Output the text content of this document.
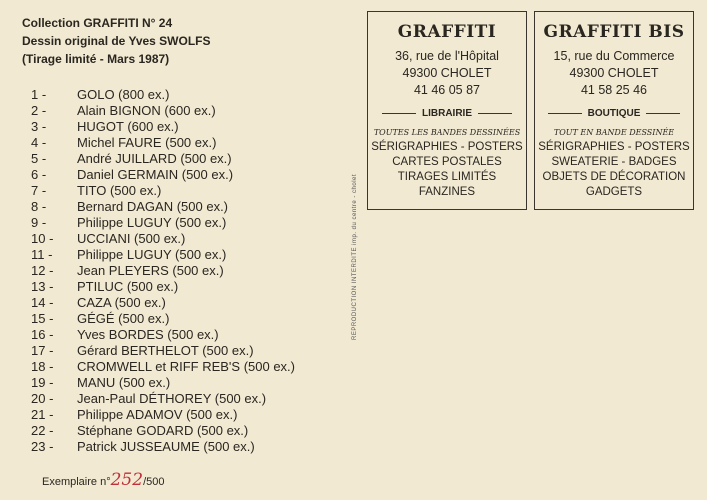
Collection GRAFFITI N° 24
Dessin original de Yves SWOLFS
(Tirage limité - Mars 1987)
1 - GOLO (800 ex.)
2 - Alain BIGNON (600 ex.)
3 - HUGOT (600 ex.)
4 - Michel FAURE (500 ex.)
5 - André JUILLARD (500 ex.)
6 - Daniel GERMAIN (500 ex.)
7 - TITO (500 ex.)
8 - Bernard DAGAN (500 ex.)
9 - Philippe LUGUY (500 ex.)
10 - UCCIANI (500 ex.)
11 - Philippe LUGUY (500 ex.)
12 - Jean PLEYERS (500 ex.)
13 - PTILUC (500 ex.)
14 - CAZA (500 ex.)
15 - GÉGÉ (500 ex.)
16 - Yves BORDES (500 ex.)
17 - Gérard BERTHELOT (500 ex.)
18 - CROMWELL et RIFF REB'S (500 ex.)
19 - MANU (500 ex.)
20 - Jean-Paul DÉTHOREY (500 ex.)
21 - Philippe ADAMOV (500 ex.)
22 - Stéphane GODARD (500 ex.)
23 - Patrick JUSSEAUME (500 ex.)
Exemplaire n°252/500
REPRODUCTION INTERDITE imp. du centre - cholet
GRAFFITI
36, rue de l'Hôpital
49300 CHOLET
41 46 05 87
LIBRAIRIE
TOUTES LES BANDES DESSINÉES
SÉRIGRAPHIES - POSTERS
CARTES POSTALES
TIRAGES LIMITÉS
FANZINES
GRAFFITI BIS
15, rue du Commerce
49300 CHOLET
41 58 25 46
BOUTIQUE
TOUT EN BANDE DESSINÉE
SÉRIGRAPHIES - POSTERS
SWEATERIE - BADGES
OBJETS DE DÉCORATION
GADGETS
